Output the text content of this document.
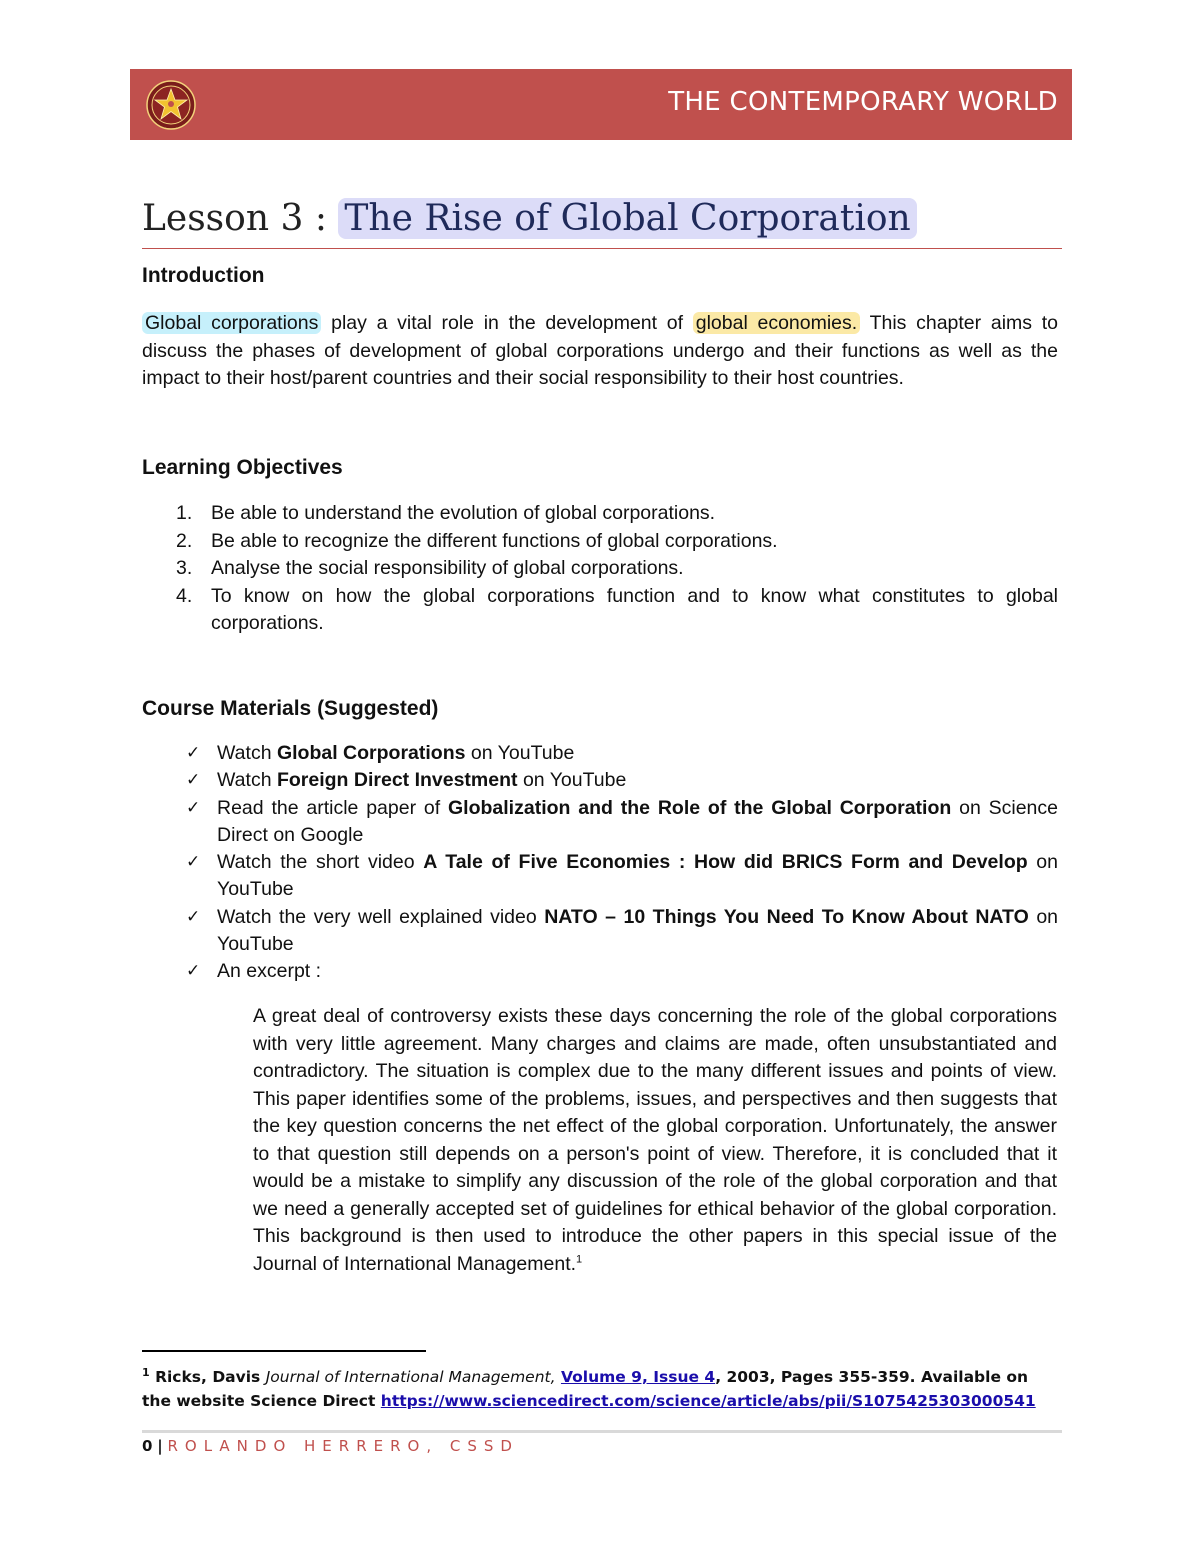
THE CONTEMPORARY WORLD
Lesson 3 : The Rise of Global Corporation
Introduction
Global corporations play a vital role in the development of global economies. This chapter aims to discuss the phases of development of global corporations undergo and their functions as well as the impact to their host/parent countries and their social responsibility to their host countries.
Learning Objectives
1. Be able to understand the evolution of global corporations.
2. Be able to recognize the different functions of global corporations.
3. Analyse the social responsibility of global corporations.
4. To know on how the global corporations function and to know what constitutes to global corporations.
Course Materials (Suggested)
✓ Watch Global Corporations on YouTube
✓ Watch Foreign Direct Investment on YouTube
✓ Read the article paper of Globalization and the Role of the Global Corporation on Science Direct on Google
✓ Watch the short video A Tale of Five Economies : How did BRICS Form and Develop on YouTube
✓ Watch the very well explained video NATO – 10 Things You Need To Know About NATO on YouTube
✓ An excerpt :
A great deal of controversy exists these days concerning the role of the global corporations with very little agreement. Many charges and claims are made, often unsubstantiated and contradictory. The situation is complex due to the many different issues and points of view. This paper identifies some of the problems, issues, and perspectives and then suggests that the key question concerns the net effect of the global corporation. Unfortunately, the answer to that question still depends on a person's point of view. Therefore, it is concluded that it would be a mistake to simplify any discussion of the role of the global corporation and that we need a generally accepted set of guidelines for ethical behavior of the global corporation. This background is then used to introduce the other papers in this special issue of the Journal of International Management.$^1$
$^1$ Ricks, Davis Journal of International Management, Volume 9, Issue 4, 2003, Pages 355-359. Available on the website Science Direct https://www.sciencedirect.com/science/article/abs/pii/S1075425303000541
0 | ROLANDO HERRERO, CSSD
